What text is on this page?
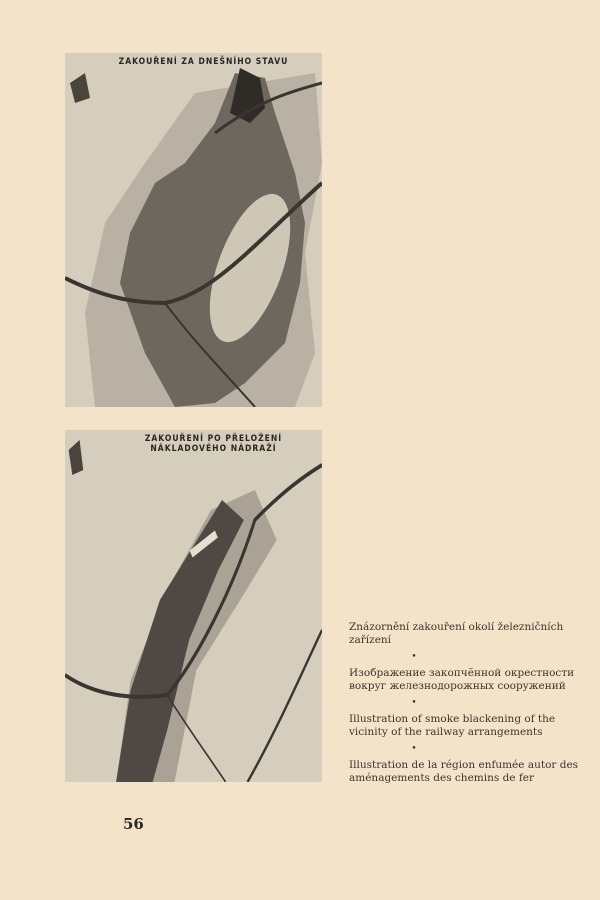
ZAKOUŘENÍ ZA DNEŠNÍHO STAVU
ZAKOUŘENÍ PO PŘELOŽENÍ NÁKLADOVÉHO NÁDRAŽÍ

Znázornění zakouření okolí železničních zařízení

•

Изображение закопчённой окрестности вокруг железнодорожных сооружений

•

Illustration of smoke blackening of the vicinity of the railway arrangements

•

Illustration de la région enfumée autor des aménagements des chemins de fer

56
